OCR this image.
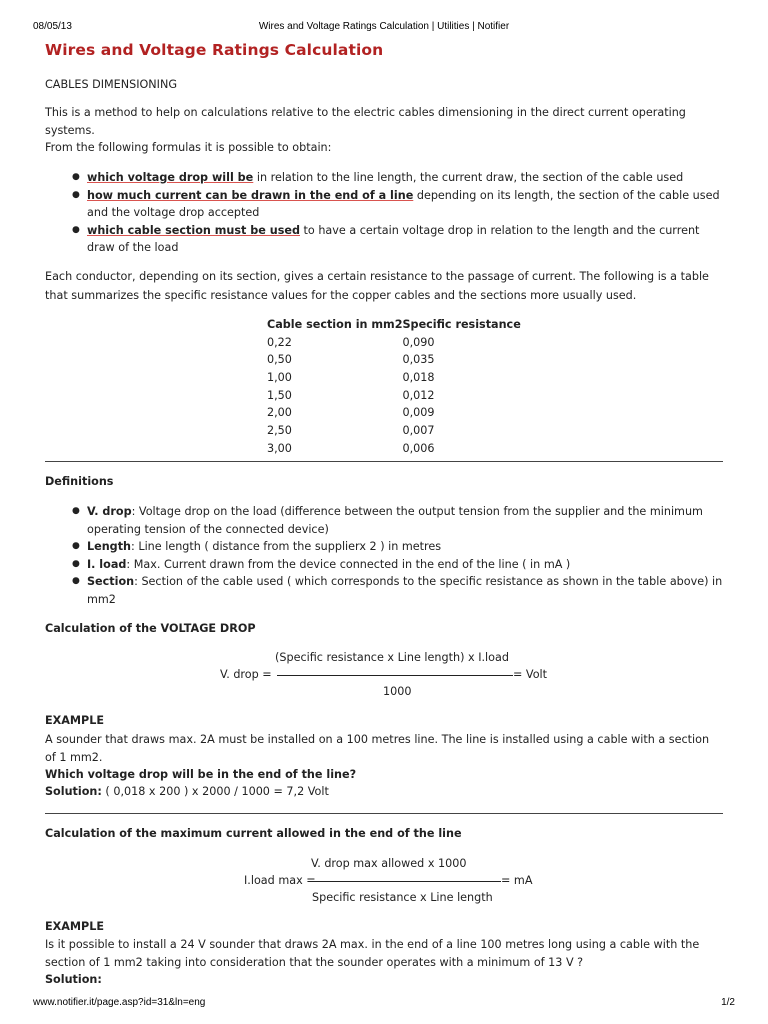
08/05/13	Wires and Voltage Ratings Calculation | Utilities | Notifier
Wires and Voltage Ratings Calculation
CABLES DIMENSIONING

This is a method to help on calculations relative to the electric cables dimensioning in the direct current operating systems.

From the following formulas it is possible to obtain:
● which voltage drop will be in relation to the line length, the current draw, the section of the cable used
● how much current can be drawn in the end of a line depending on its length, the section of the cable used and the voltage drop accepted
● which cable section must be used to have a certain voltage drop in relation to the length and the current draw of the load

Each conductor, depending on its section, gives a certain resistance to the passage of current. The following is a table that summarizes the specific resistance values for the copper cables and the sections more usually used.

Cable section in mm2	Specific resistance
0,22	0,090
0,50	0,035
1,00	0,018
1,50	0,012
2,00	0,009
2,50	0,007
3,00	0,006
Definitions
● V. drop: Voltage drop on the load (difference between the output tension from the supplier and the minimum operating tension of the connected device)
● Length: Line length ( distance from the supplierx 2 ) in metres
● I. load: Max. Current drawn from the device connected in the end of the line ( in mA )
● Section: Section of the cable used ( which corresponds to the specific resistance as shown in the table above) in mm2
Calculation of the VOLTAGE DROP
(Specific resistance x Line length) x I.load
V. drop =	= Volt
1000
EXAMPLE

A sounder that draws max. 2A must be installed on a 100 metres line. The line is installed using a cable with a section of 1 mm2.

Which voltage drop will be in the end of the line?
Solution: ( 0,018 x 200 ) x 2000 / 1000 = 7,2 Volt
Calculation of the maximum current allowed in the end of the line
V. drop max allowed x 1000
I.load max =	= mA
Specific resistance x Line length
EXAMPLE

Is it possible to install a 24 V sounder that draws 2A max. in the end of a line 100 metres long using a cable with the section of 1 mm2 taking into consideration that the sounder operates with a minimum of 13 V ?

Solution:
www.notifier.it/page.asp?id=31&ln=eng	1/2
